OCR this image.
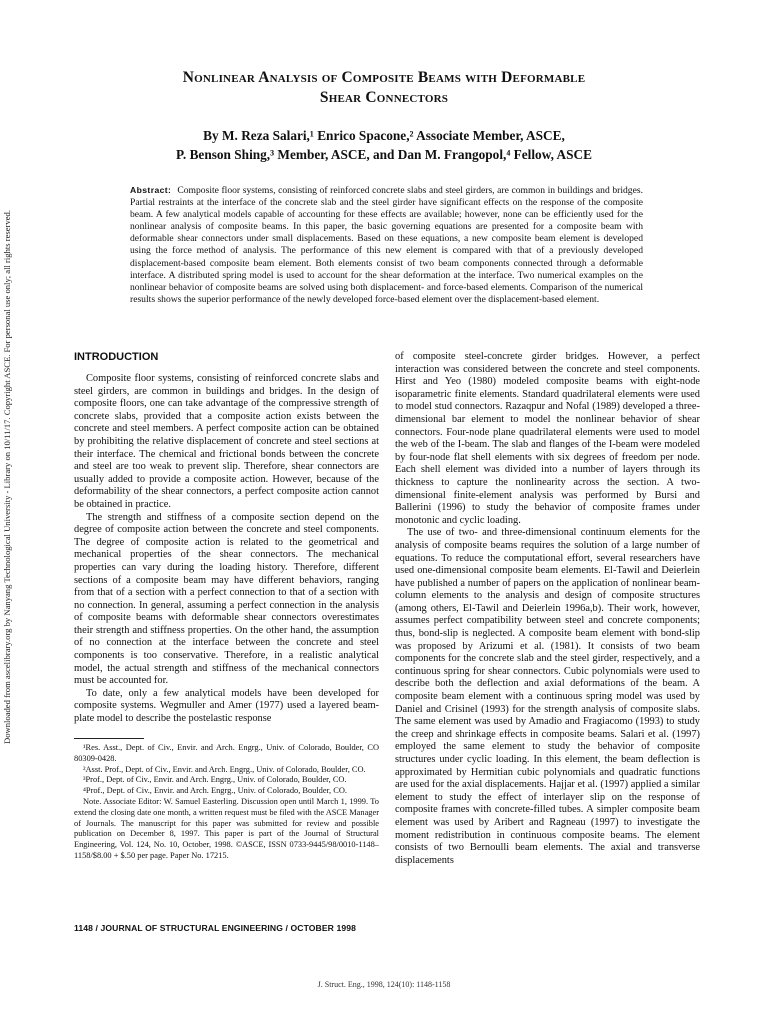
Downloaded from ascelibrary.org by Nanyang Technological University - Library on 10/11/17. Copyright ASCE. For personal use only; all rights reserved.
Nonlinear Analysis of Composite Beams with Deformable
Shear Connectors
By M. Reza Salari,¹ Enrico Spacone,² Associate Member, ASCE,
P. Benson Shing,³ Member, ASCE, and Dan M. Frangopol,⁴ Fellow, ASCE
Abstract: Composite floor systems, consisting of reinforced concrete slabs and steel girders, are common in buildings and bridges. Partial restraints at the interface of the concrete slab and the steel girder have significant effects on the response of the composite beam. A few analytical models capable of accounting for these effects are available; however, none can be efficiently used for the nonlinear analysis of composite beams. In this paper, the basic governing equations are presented for a composite beam with deformable shear connectors under small displacements. Based on these equations, a new composite beam element is developed using the force method of analysis. The performance of this new element is compared with that of a previously developed displacement-based composite beam element. Both elements consist of two beam components connected through a deformable interface. A distributed spring model is used to account for the shear deformation at the interface. Two numerical examples on the nonlinear behavior of composite beams are solved using both displacement- and force-based elements. Comparison of the numerical results shows the superior performance of the newly developed force-based element over the displacement-based element.
INTRODUCTION

Composite floor systems, consisting of reinforced concrete slabs and steel girders, are common in buildings and bridges. In the design of composite floors, one can take advantage of the compressive strength of concrete slabs, provided that a composite action exists between the concrete and steel members. A perfect composite action can be obtained by prohibiting the relative displacement of concrete and steel sections at their interface. The chemical and frictional bonds between the concrete and steel are too weak to prevent slip. Therefore, shear connectors are usually added to provide a composite action. However, because of the deformability of the shear connectors, a perfect composite action cannot be obtained in practice.

The strength and stiffness of a composite section depend on the degree of composite action between the concrete and steel components. The degree of composite action is related to the geometrical and mechanical properties of the shear connectors. The mechanical properties can vary during the loading history. Therefore, different sections of a composite beam may have different behaviors, ranging from that of a section with a perfect connection to that of a section with no connection. In general, assuming a perfect connection in the analysis of composite beams with deformable shear connectors overestimates their strength and stiffness properties. On the other hand, the assumption of no connection at the interface between the concrete and steel components is too conservative. Therefore, in a realistic analytical model, the actual strength and stiffness of the mechanical connectors must be accounted for.

To date, only a few analytical models have been developed for composite systems. Wegmuller and Amer (1977) used a layered beam-plate model to describe the postelastic response

¹Res. Asst., Dept. of Civ., Envir. and Arch. Engrg., Univ. of Colorado, Boulder, CO 80309-0428.

²Asst. Prof., Dept. of Civ., Envir. and Arch. Engrg., Univ. of Colorado, Boulder, CO.

³Prof., Dept. of Civ., Envir. and Arch. Engrg., Univ. of Colorado, Boulder, CO.

⁴Prof., Dept. of Civ., Envir. and Arch. Engrg., Univ. of Colorado, Boulder, CO.

Note. Associate Editor: W. Samuel Easterling. Discussion open until March 1, 1999. To extend the closing date one month, a written request must be filed with the ASCE Manager of Journals. The manuscript for this paper was submitted for review and possible publication on December 8, 1997. This paper is part of the Journal of Structural Engineering, Vol. 124, No. 10, October, 1998. ©ASCE, ISSN 0733-9445/98/0010-1148–1158/$8.00 + $.50 per page. Paper No. 17215.

of composite steel-concrete girder bridges. However, a perfect interaction was considered between the concrete and steel components. Hirst and Yeo (1980) modeled composite beams with eight-node isoparametric finite elements. Standard quadrilateral elements were used to model stud connectors. Razaqpur and Nofal (1989) developed a three-dimensional bar element to model the nonlinear behavior of shear connectors. Four-node plane quadrilateral elements were used to model the web of the I-beam. The slab and flanges of the I-beam were modeled by four-node flat shell elements with six degrees of freedom per node. Each shell element was divided into a number of layers through its thickness to capture the nonlinearity across the section. A two-dimensional finite-element analysis was performed by Bursi and Ballerini (1996) to study the behavior of composite frames under monotonic and cyclic loading.

The use of two- and three-dimensional continuum elements for the analysis of composite beams requires the solution of a large number of equations. To reduce the computational effort, several researchers have used one-dimensional composite beam elements. El-Tawil and Deierlein have published a number of papers on the application of nonlinear beam-column elements to the analysis and design of composite structures (among others, El-Tawil and Deierlein 1996a,b). Their work, however, assumes perfect compatibility between steel and concrete components; thus, bond-slip is neglected. A composite beam element with bond-slip was proposed by Arizumi et al. (1981). It consists of two beam components for the concrete slab and the steel girder, respectively, and a continuous spring for shear connectors. Cubic polynomials were used to describe both the deflection and axial deformations of the beam. A composite beam element with a continuous spring model was used by Daniel and Crisinel (1993) for the strength analysis of composite slabs. The same element was used by Amadio and Fragiacomo (1993) to study the creep and shrinkage effects in composite beams. Salari et al. (1997) employed the same element to study the behavior of composite structures under cyclic loading. In this element, the beam deflection is approximated by Hermitian cubic polynomials and quadratic functions are used for the axial displacements. Hajjar et al. (1997) applied a similar element to study the effect of interlayer slip on the response of composite frames with concrete-filled tubes. A simpler composite beam element was used by Aribert and Ragneau (1997) to investigate the moment redistribution in continuous composite beams. The element consists of two Bernoulli beam elements. The axial and transverse displacements

1148 / JOURNAL OF STRUCTURAL ENGINEERING / OCTOBER 1998
J. Struct. Eng., 1998, 124(10): 1148-1158
